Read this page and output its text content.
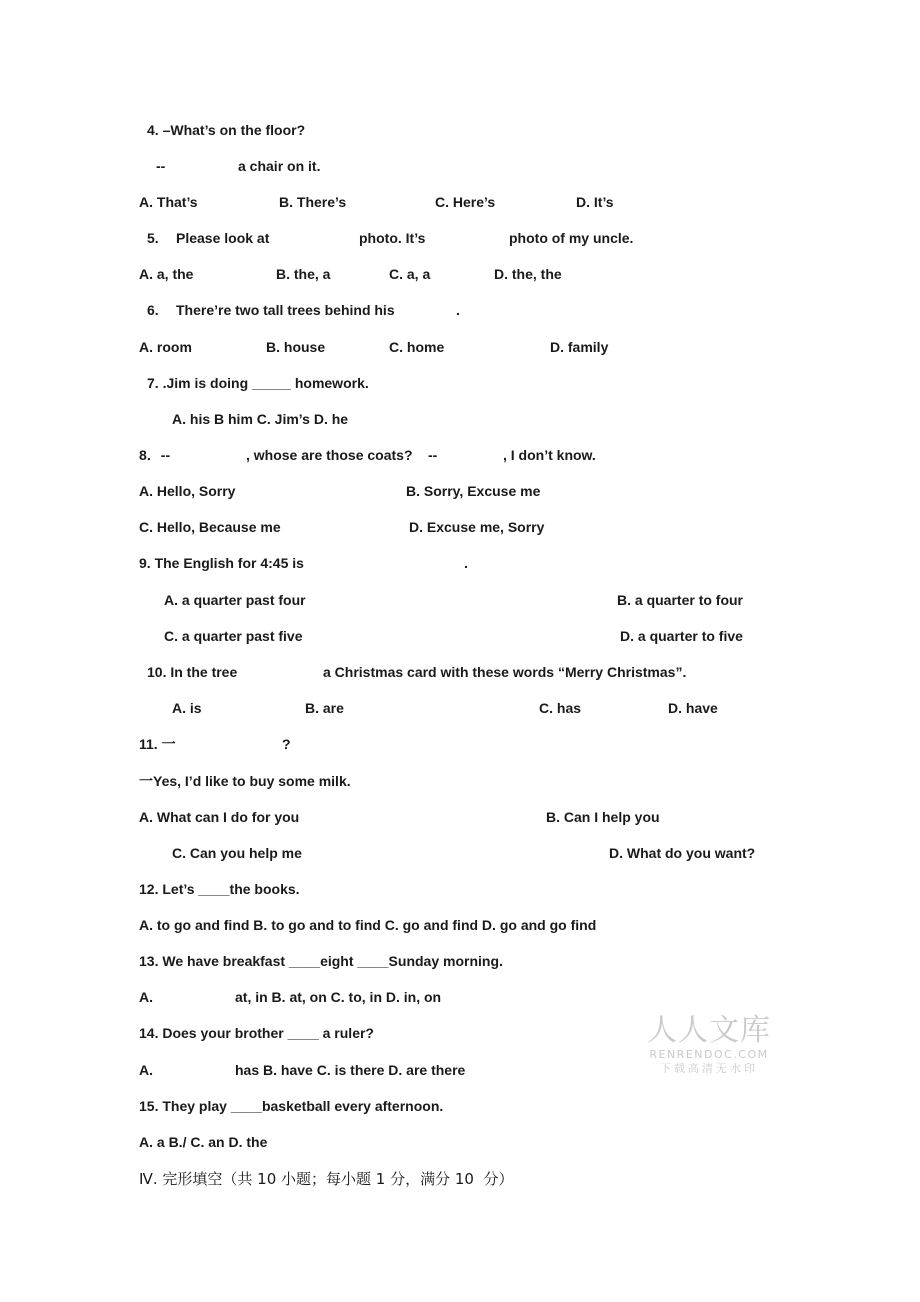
4. –What’s on the floor?
--	a chair on it.
A. That’s	B. There’s	C. Here’s	D. It’s
5. Please look at	photo. It’s	photo of my uncle.
A. a, the	B. the, a	C. a, a	D. the, the
6. There’re two tall trees behind his	.
A. room	B. house	C. home	D. family
7. .Jim is doing _____ homework.
A. his B him C. Jim’s D. he
8．--	, whose are those coats? --	, I don’t know.
A. Hello, Sorry	B. Sorry, Excuse me
C. Hello, Because me	D. Excuse me, Sorry
9. The English for 4:45 is	.
A. a quarter past four	B. a quarter to four
C. a quarter past five	D. a quarter to five
10. In the tree	a Christmas card with these words “Merry Christmas”.
A. is	B. are	C. has	D. have
11. 一	?
一Yes, I’d like to buy some milk.
A. What can I do for you	B. Can I help you
C. Can you help me	D. What do you want?
12. Let’s ____the books.
A. to go and find B. to go and to find C. go and find D. go and go find
13. We have breakfast ____eight ____Sunday morning.
A.	at, in B. at, on C. to, in D. in, on
14. Does your brother ____ a ruler?
A.	has B. have C. is there D. are there
15. They play ____basketball every afternoon.
A. a B./ C. an D. the
Ⅳ. 完形填空（共 10 小题；每小题 1 分，满分 10  分）
人人文库
RENRENDOC.COM
下载高清无水印
